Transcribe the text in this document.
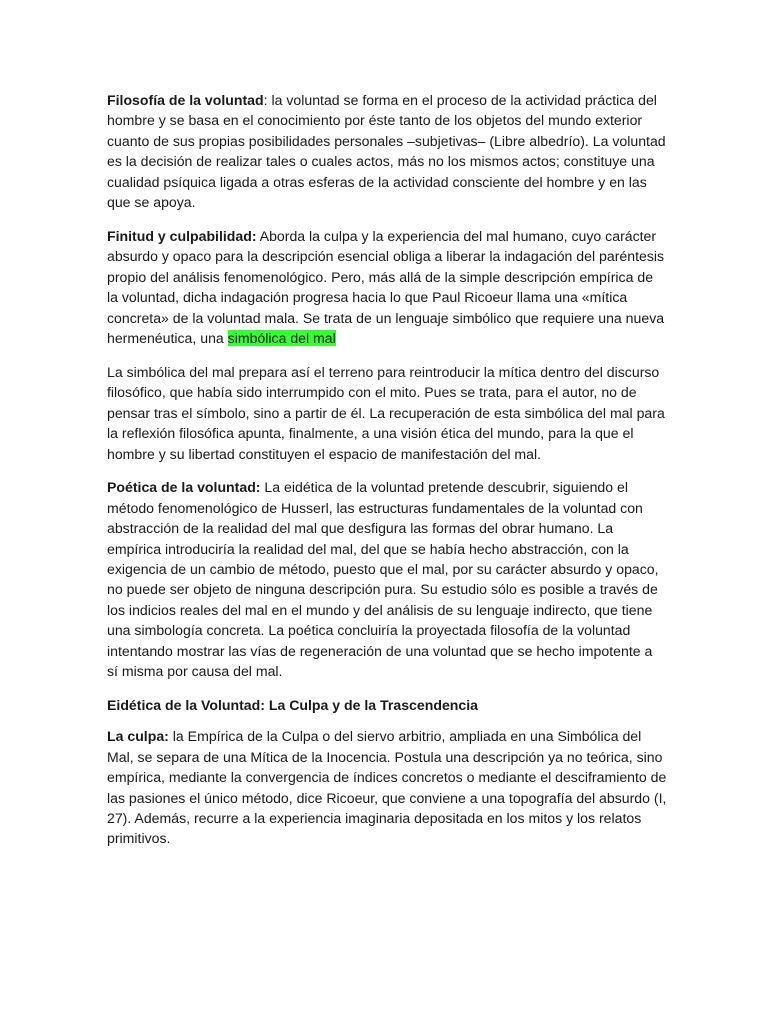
Filosofía de la voluntad: la voluntad se forma en el proceso de la actividad práctica del hombre y se basa en el conocimiento por éste tanto de los objetos del mundo exterior cuanto de sus propias posibilidades personales –subjetivas– (Libre albedrío). La voluntad es la decisión de realizar tales o cuales actos, más no los mismos actos; constituye una cualidad psíquica ligada a otras esferas de la actividad consciente del hombre y en las que se apoya.

Finitud y culpabilidad: Aborda la culpa y la experiencia del mal humano, cuyo carácter absurdo y opaco para la descripción esencial obliga a liberar la indagación del paréntesis propio del análisis fenomenológico. Pero, más allá de la simple descripción empírica de la voluntad, dicha indagación progresa hacia lo que Paul Ricoeur llama una «mítica concreta» de la voluntad mala. Se trata de un lenguaje simbólico que requiere una nueva hermenéutica, una simbólica del mal

La simbólica del mal prepara así el terreno para reintroducir la mítica dentro del discurso filosófico, que había sido interrumpido con el mito. Pues se trata, para el autor, no de pensar tras el símbolo, sino a partir de él. La recuperación de esta simbólica del mal para la reflexión filosófica apunta, finalmente, a una visión ética del mundo, para la que el hombre y su libertad constituyen el espacio de manifestación del mal.

Poética de la voluntad: La eidética de la voluntad pretende descubrir, siguiendo el método fenomenológico de Husserl, las estructuras fundamentales de la voluntad con abstracción de la realidad del mal que desfigura las formas del obrar humano. La empírica introduciría la realidad del mal, del que se había hecho abstracción, con la exigencia de un cambio de método, puesto que el mal, por su carácter absurdo y opaco, no puede ser objeto de ninguna descripción pura. Su estudio sólo es posible a través de los indicios reales del mal en el mundo y del análisis de su lenguaje indirecto, que tiene una simbología concreta. La poética concluiría la proyectada filosofía de la voluntad intentando mostrar las vías de regeneración de una voluntad que se hecho impotente a sí misma por causa del mal.

Eidética de la Voluntad: La Culpa y de la Trascendencia

La culpa: la Empírica de la Culpa o del siervo arbitrio, ampliada en una Simbólica del Mal, se separa de una Mítica de la Inocencia. Postula una descripción ya no teórica, sino empírica, mediante la convergencia de índices concretos o mediante el desciframiento de las pasiones el único método, dice Ricoeur, que conviene a una topografía del absurdo (I, 27). Además, recurre a la experiencia imaginaria depositada en los mitos y los relatos primitivos.
